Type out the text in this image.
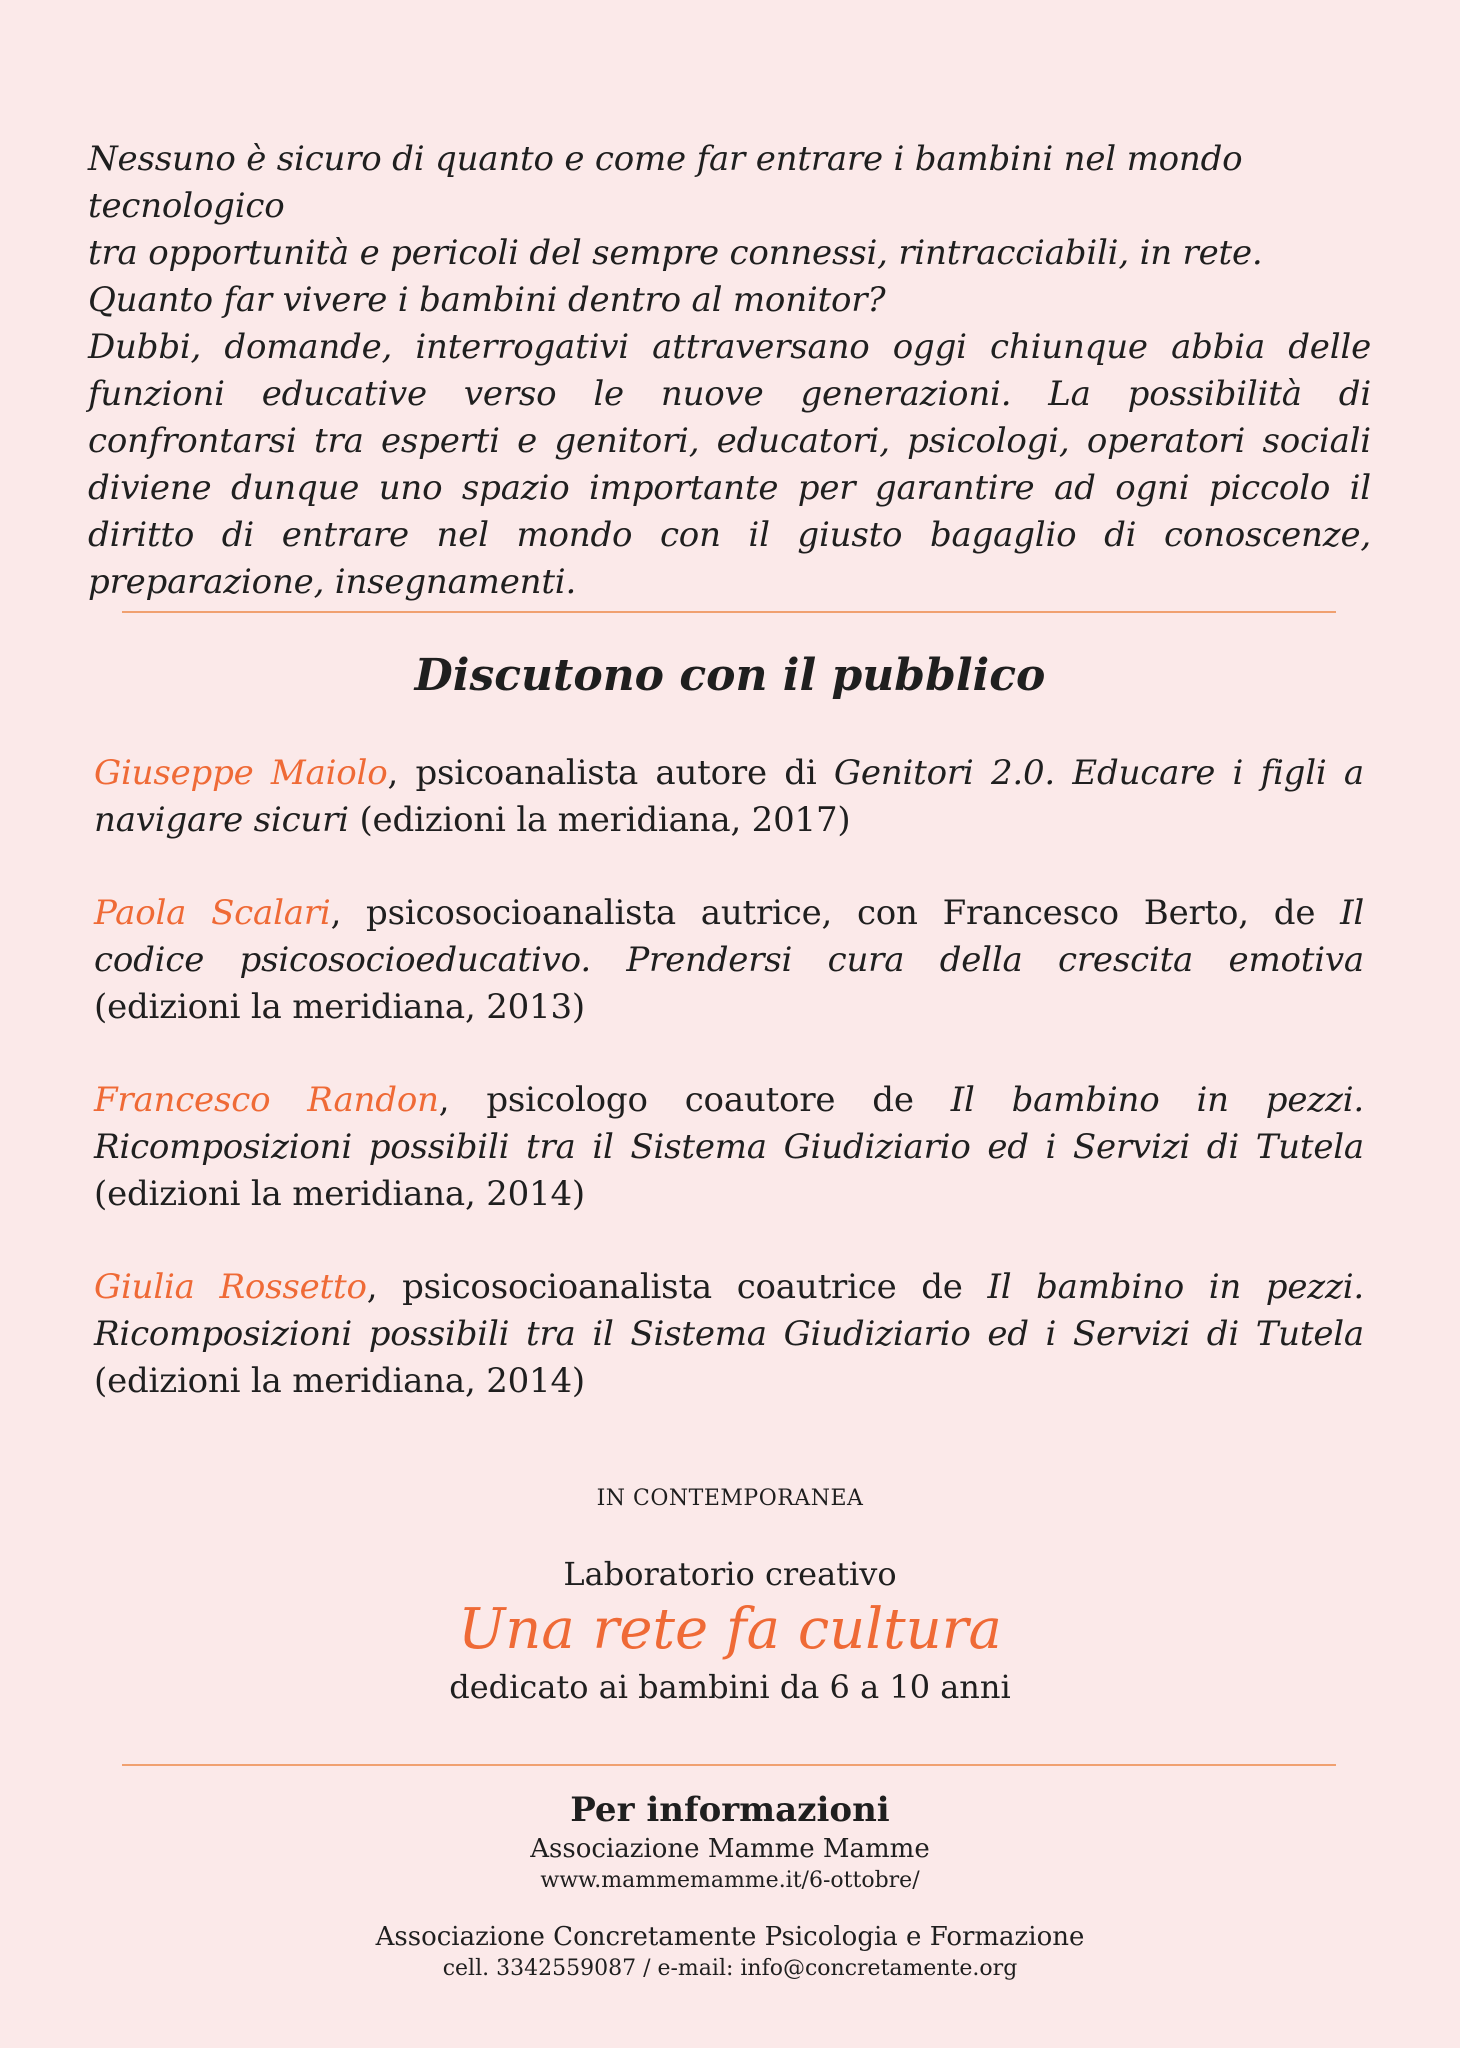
Nessuno è sicuro di quanto e come far entrare i bambini nel mondo tecnologico

tra opportunità e pericoli del sempre connessi, rintracciabili, in rete.

Quanto far vivere i bambini dentro al monitor?

Dubbi, domande, interrogativi attraversano oggi chiunque abbia delle funzioni educative verso le nuove generazioni. La possibilità di confrontarsi tra esperti e genitori, educatori, psicologi, operatori sociali diviene dunque uno spazio importante per garantire ad ogni piccolo il diritto di entrare nel mondo con il giusto bagaglio di conoscenze, preparazione, insegnamenti.

Discutono con il pubblico

Giuseppe Maiolo, psicoanalista autore di Genitori 2.0. Educare i figli a navigare sicuri (edizioni la meridiana, 2017)

Paola Scalari, psicosocioanalista autrice, con Francesco Berto, de Il codice psicosocioeducativo. Prendersi cura della crescita emotiva (edizioni la meridiana, 2013)

Francesco Randon, psicologo coautore de Il bambino in pezzi. Ricomposizioni possibili tra il Sistema Giudiziario ed i Servizi di Tutela (edizioni la meridiana, 2014)

Giulia Rossetto, psicosocioanalista coautrice de Il bambino in pezzi. Ricomposizioni possibili tra il Sistema Giudiziario ed i Servizi di Tutela (edizioni la meridiana, 2014)

IN CONTEMPORANEA
Laboratorio creativo
Una rete fa cultura
dedicato ai bambini da 6 a 10 anni
Per informazioni
Associazione Mamme Mamme
www.mammemamme.it/6-ottobre/
Associazione Concretamente Psicologia e Formazione
cell. 3342559087 / e-mail: info@concretamente.org
